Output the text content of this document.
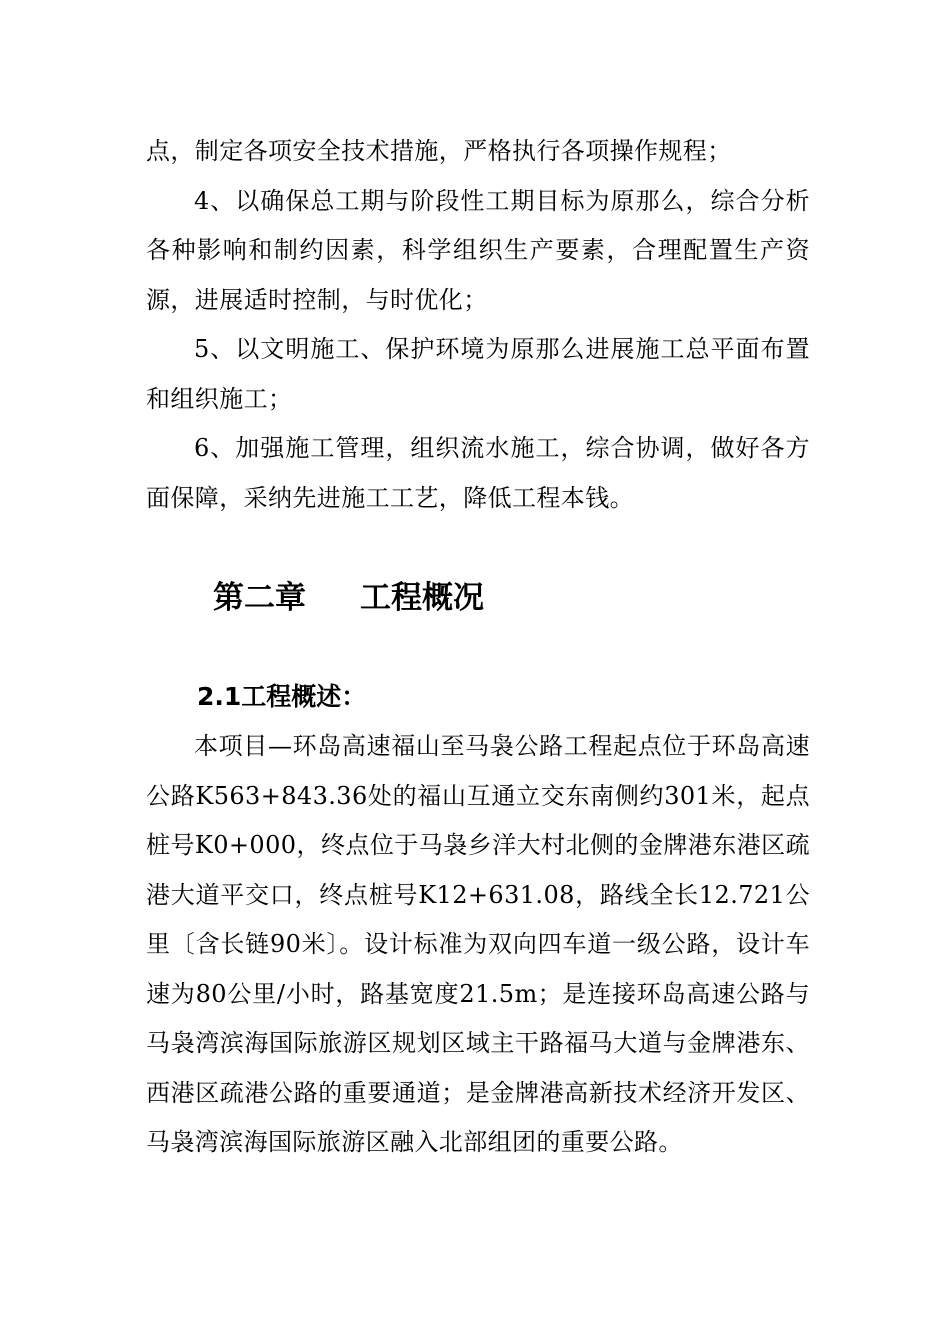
点，制定各项安全技术措施，严格执行各项操作规程；

4、以确保总工期与阶段性工期目标为原那么，综合分析各种影响和制约因素，科学组织生产要素，合理配置生产资源，进展适时控制，与时优化；

5、以文明施工、保护环境为原那么进展施工总平面布置和组织施工；

6、加强施工管理，组织流水施工，综合协调，做好各方面保障，采纳先进施工工艺，降低工程本钱。

第二章 工程概况
2.1工程概述：

本项目—环岛高速福山至马袅公路工程起点位于环岛高速公路K563+843.36处的福山互通立交东南侧约301米，起点桩号K0+000，终点位于马袅乡洋大村北侧的金牌港东港区疏港大道平交口，终点桩号K12+631.08，路线全长12.721公里〔含长链90米〕。设计标准为双向四车道一级公路，设计车速为80公里/小时，路基宽度21.5m；是连接环岛高速公路与马袅湾滨海国际旅游区规划区域主干路福马大道与金牌港东、西港区疏港公路的重要通道；是金牌港高新技术经济开发区、马袅湾滨海国际旅游区融入北部组团的重要公路。
